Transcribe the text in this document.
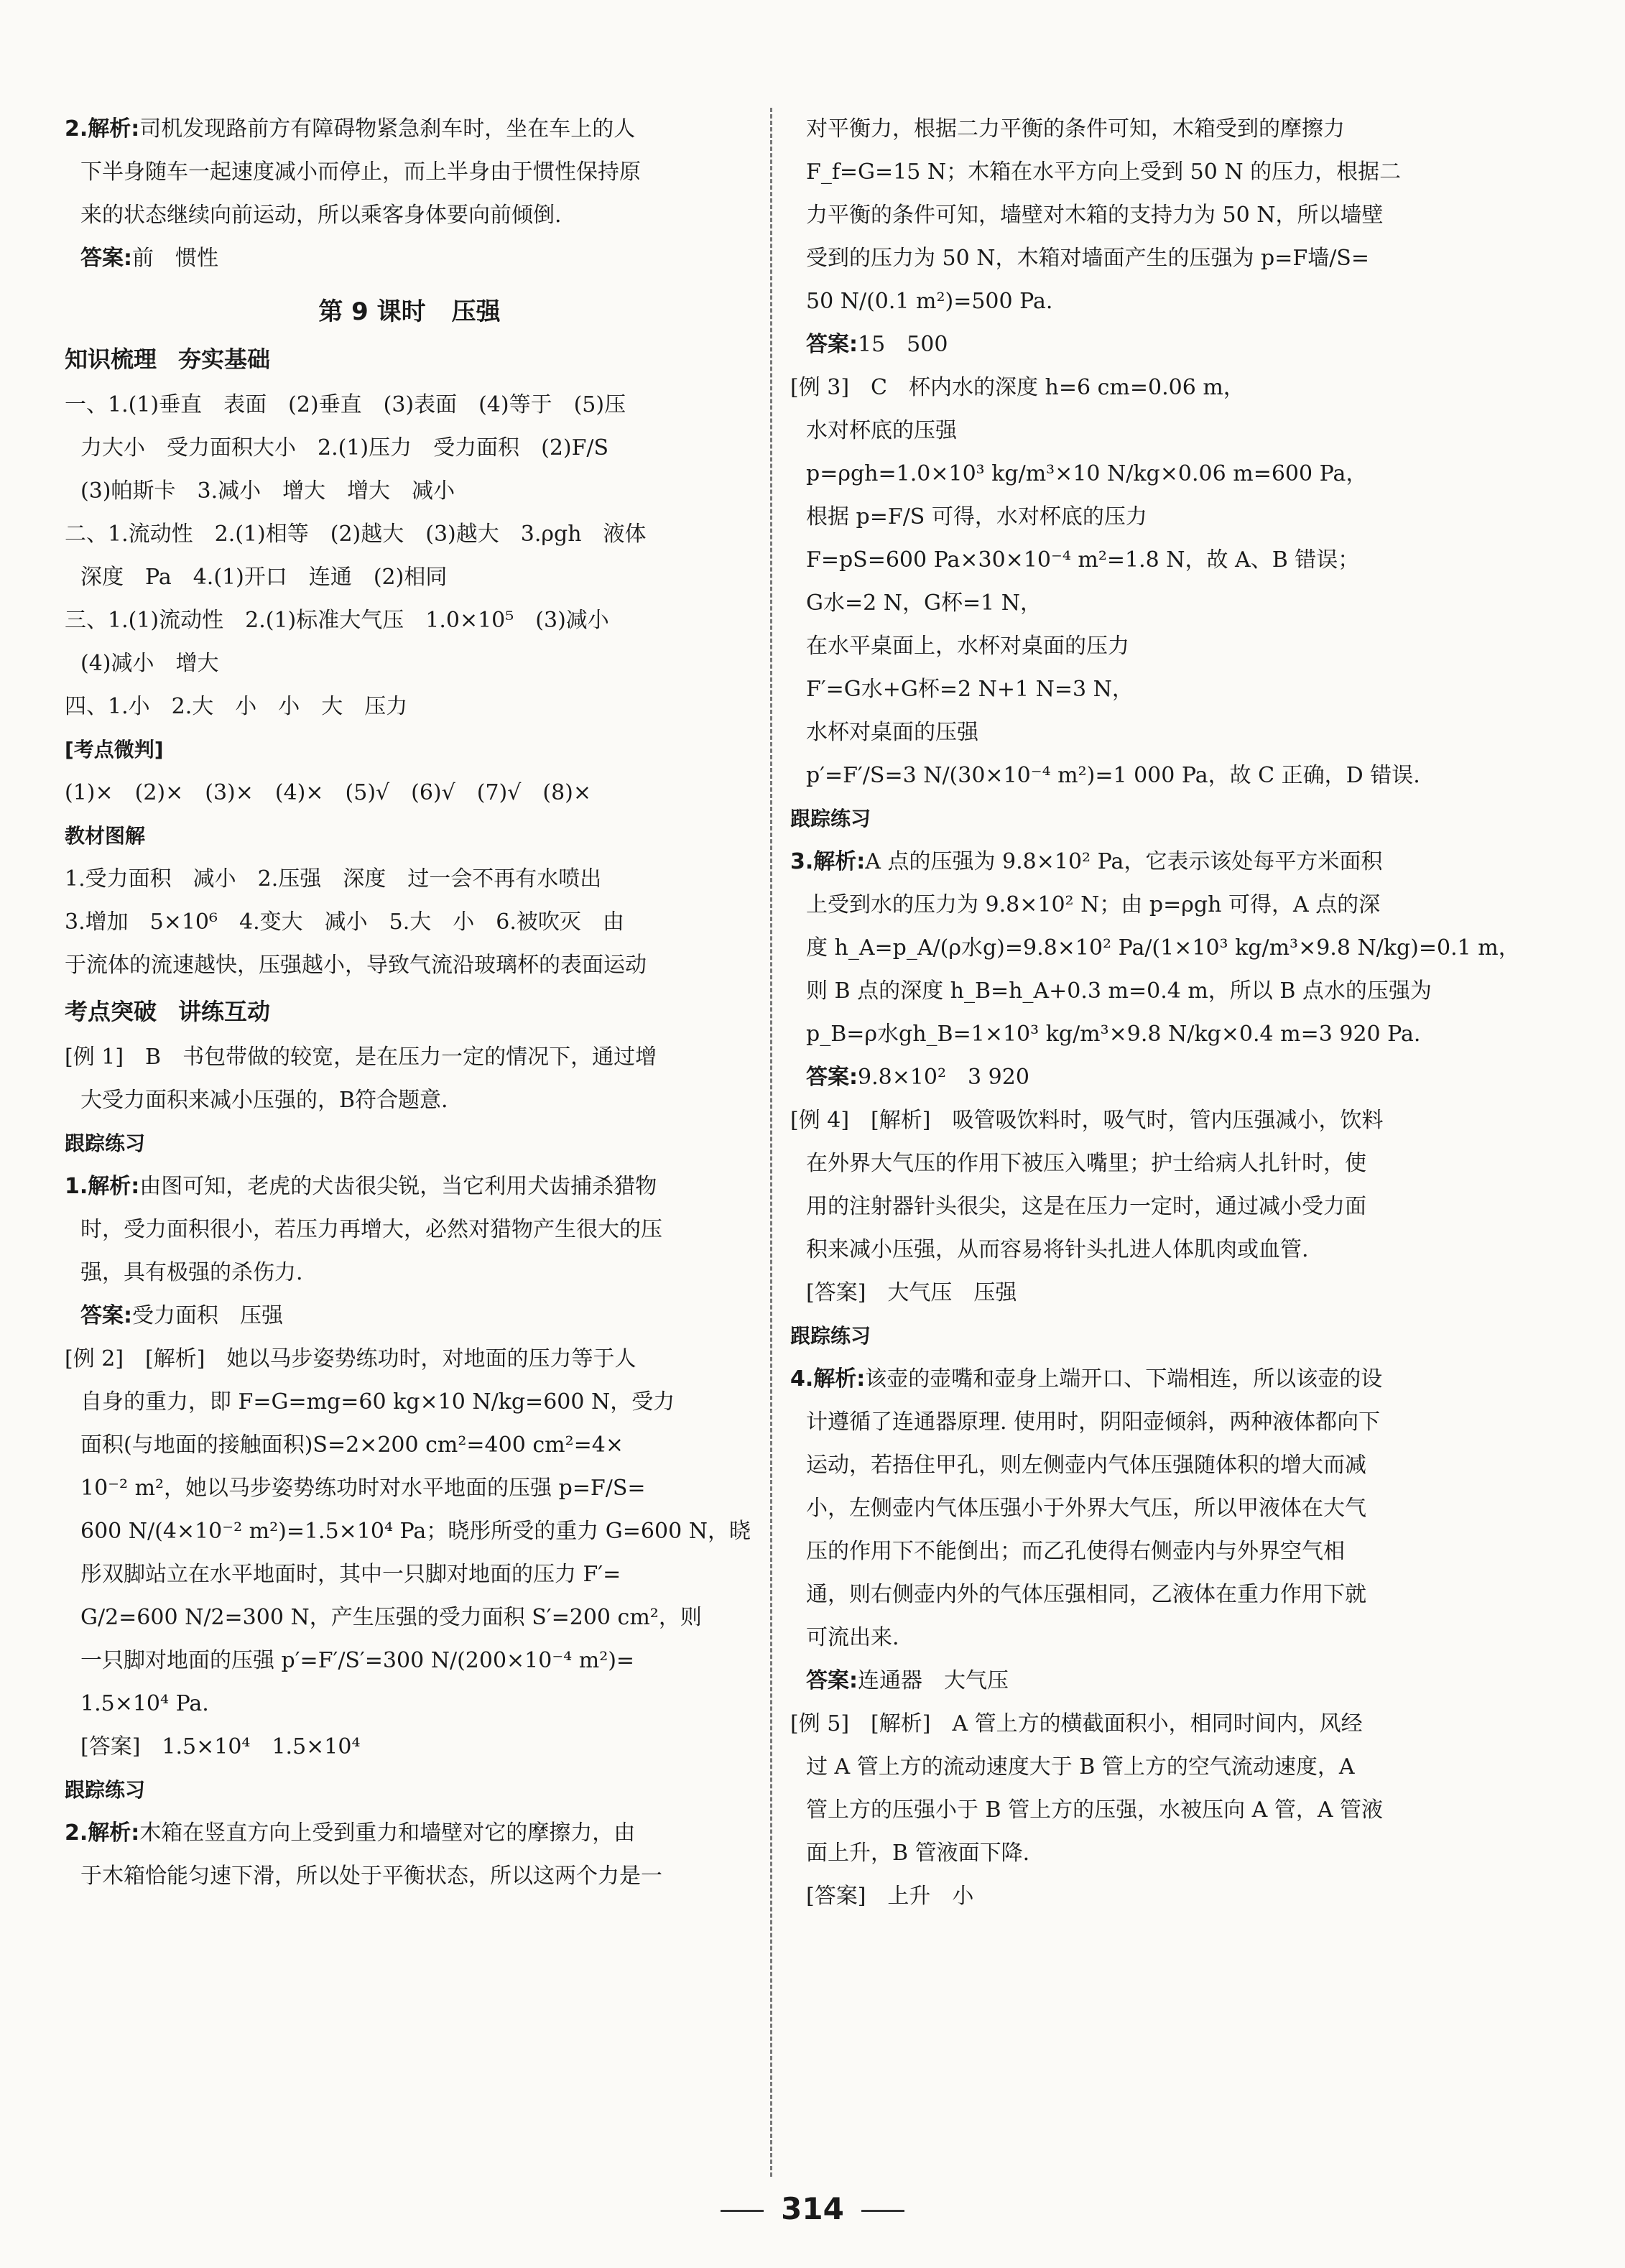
2.解析:司机发现路前方有障碍物紧急刹车时，坐在车上的人

下半身随车一起速度减小而停止，而上半身由于惯性保持原

来的状态继续向前运动，所以乘客身体要向前倾倒.

答案:前　惯性

第 9 课时 压强

知识梳理 夯实基础

一、1.(1)垂直　表面　(2)垂直　(3)表面　(4)等于　(5)压

力大小　受力面积大小　2.(1)压力　受力面积　(2)F/S

(3)帕斯卡　3.减小　增大　增大　减小

二、1.流动性　2.(1)相等　(2)越大　(3)越大　3.ρgh　液体

深度　Pa　4.(1)开口　连通　(2)相同

三、1.(1)流动性　2.(1)标准大气压　1.0×10⁵　(3)减小

(4)减小　增大

四、1.小　2.大　小　小　大　压力

[考点微判]

(1)×　(2)×　(3)×　(4)×　(5)√　(6)√　(7)√　(8)×

教材图解

1.受力面积　减小　2.压强　深度　过一会不再有水喷出

3.增加　5×10⁶　4.变大　减小　5.大　小　6.被吹灭　由

于流体的流速越快，压强越小，导致气流沿玻璃杯的表面运动

考点突破 讲练互动

[例 1]　B　书包带做的较宽，是在压力一定的情况下，通过增

大受力面积来减小压强的，B符合题意.

跟踪练习

1.解析:由图可知，老虎的犬齿很尖锐，当它利用犬齿捕杀猎物

时，受力面积很小，若压力再增大，必然对猎物产生很大的压

强，具有极强的杀伤力.

答案:受力面积　压强

[例 2]　[解析]　她以马步姿势练功时，对地面的压力等于人

自身的重力，即 F=G=mg=60 kg×10 N/kg=600 N，受力

面积(与地面的接触面积)S=2×200 cm²=400 cm²=4×

10⁻² m²，她以马步姿势练功时对水平地面的压强 p=F/S=

600 N/(4×10⁻² m²)=1.5×10⁴ Pa；晓彤所受的重力 G=600 N，晓

彤双脚站立在水平地面时，其中一只脚对地面的压力 F′=

G/2=600 N/2=300 N，产生压强的受力面积 S′=200 cm²，则

一只脚对地面的压强 p′=F′/S′=300 N/(200×10⁻⁴ m²)=

1.5×10⁴ Pa.

[答案]　1.5×10⁴　1.5×10⁴

跟踪练习

2.解析:木箱在竖直方向上受到重力和墙壁对它的摩擦力，由

于木箱恰能匀速下滑，所以处于平衡状态，所以这两个力是一

对平衡力，根据二力平衡的条件可知，木箱受到的摩擦力

F_f=G=15 N；木箱在水平方向上受到 50 N 的压力，根据二

力平衡的条件可知，墙壁对木箱的支持力为 50 N，所以墙壁

受到的压力为 50 N，木箱对墙面产生的压强为 p=F墙/S=

50 N/(0.1 m²)=500 Pa.

答案:15　500

[例 3]　C　杯内水的深度 h=6 cm=0.06 m，

水对杯底的压强

p=ρgh=1.0×10³ kg/m³×10 N/kg×0.06 m=600 Pa，

根据 p=F/S 可得，水对杯底的压力

F=pS=600 Pa×30×10⁻⁴ m²=1.8 N，故 A、B 错误；

G水=2 N，G杯=1 N，

在水平桌面上，水杯对桌面的压力

F′=G水+G杯=2 N+1 N=3 N，

水杯对桌面的压强

p′=F′/S=3 N/(30×10⁻⁴ m²)=1 000 Pa，故 C 正确，D 错误.

跟踪练习

3.解析:A 点的压强为 9.8×10² Pa，它表示该处每平方米面积

上受到水的压力为 9.8×10² N；由 p=ρgh 可得，A 点的深

度 h_A=p_A/(ρ水g)=9.8×10² Pa/(1×10³ kg/m³×9.8 N/kg)=0.1 m，

则 B 点的深度 h_B=h_A+0.3 m=0.4 m，所以 B 点水的压强为

p_B=ρ水gh_B=1×10³ kg/m³×9.8 N/kg×0.4 m=3 920 Pa.

答案:9.8×10²　3 920

[例 4]　[解析]　吸管吸饮料时，吸气时，管内压强减小，饮料

在外界大气压的作用下被压入嘴里；护士给病人扎针时，使

用的注射器针头很尖，这是在压力一定时，通过减小受力面

积来减小压强，从而容易将针头扎进人体肌肉或血管.

[答案]　大气压　压强

跟踪练习

4.解析:该壶的壶嘴和壶身上端开口、下端相连，所以该壶的设

计遵循了连通器原理. 使用时，阴阳壶倾斜，两种液体都向下

运动，若捂住甲孔，则左侧壶内气体压强随体积的增大而减

小，左侧壶内气体压强小于外界大气压，所以甲液体在大气

压的作用下不能倒出；而乙孔使得右侧壶内与外界空气相

通，则右侧壶内外的气体压强相同，乙液体在重力作用下就

可流出来.

答案:连通器　大气压

[例 5]　[解析]　A 管上方的横截面积小，相同时间内，风经

过 A 管上方的流动速度大于 B 管上方的空气流动速度，A

管上方的压强小于 B 管上方的压强，水被压向 A 管，A 管液

面上升，B 管液面下降.

[答案]　上升　小

314
